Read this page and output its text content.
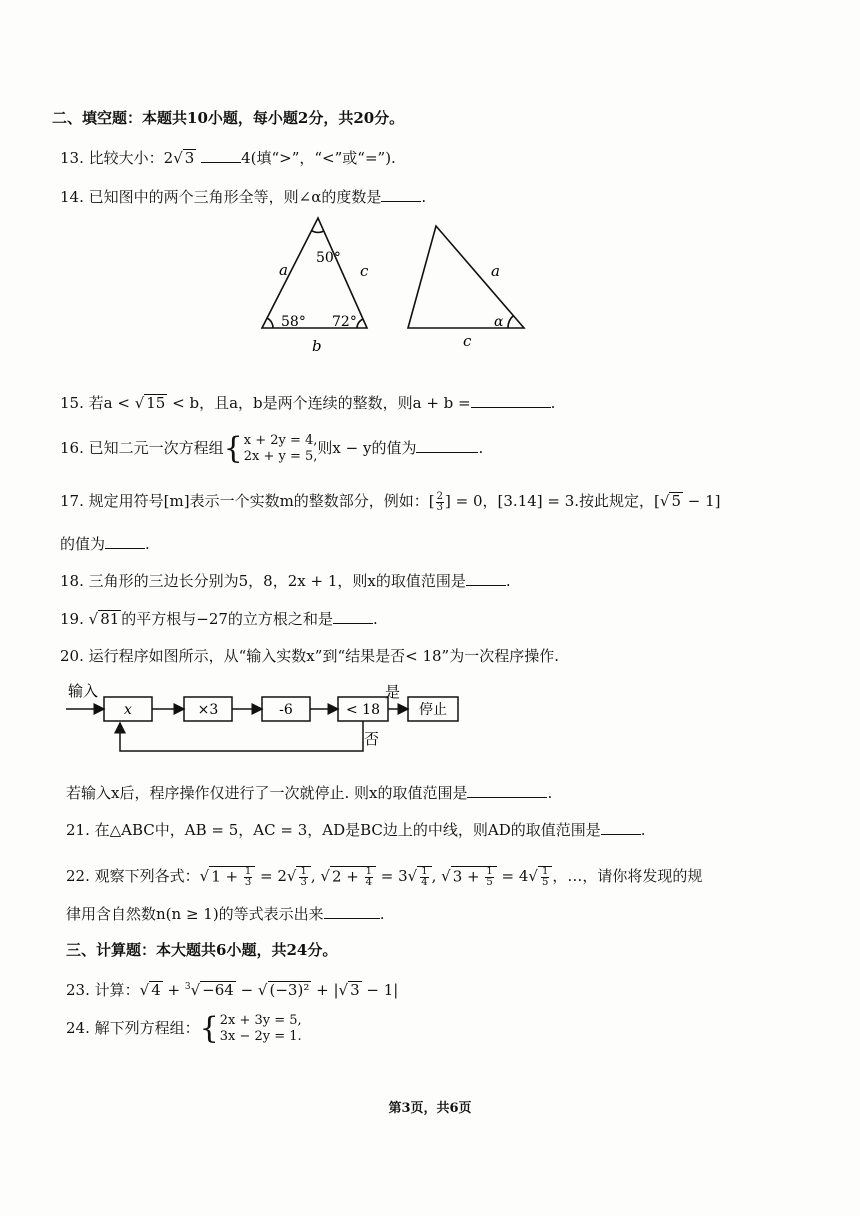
二、填空题：本题共10小题，每小题2分，共20分。
13. 比较大小：2√ 3	4(填“>”，“<”或“=”).
14. 已知图中的两个三角形全等，则∠α的度数是	.
50°
58° 72°
a	c
b
a
c
α
15. 若a < √ 15 < b，且a，b是两个连续的整数，则a + b =	.
16. 已知二元一次方程组{ x + 2y = 4,
2x + y = 5, 则x − y的值为	.
17. 规定用符号[m]表示一个实数m的整数部分，例如：[ $\frac{2}{3}$ ] = 0，[3.14] = 3.按此规定，[√ 5 − 1]
的值为	.
18. 三角形的三边长分别为5，8，2x + 1，则x的取值范围是	.
19. √ 81 的平方根与−27的立方根之和是	.
20. 运行程序如图所示，从“输入实数x”到“结果是否< 18”为一次程序操作.
输入
x	×3	-6	< 18
是
停止
否
若输入x后，程序操作仅进行了一次就停止. 则x的取值范围是	.
21. 在△ABC中，AB = 5，AC = 3，AD是BC边上的中线，则AD的取值范围是	.
22. 观察下列各式：√ $1 + \frac{1}{3} = 2√ \frac{1}{3}$ , √ $2 + \frac{1}{4} = 3√ \frac{1}{4}$ , √ $3 + \frac{1}{5} = 4√ \frac{1}{5}$ ，…，请你将发现的规
律用含自然数n(n ≥ 1)的等式表示出来	.
三、计算题：本大题共6小题，共24分。
23. 计算：√ 4 + $^3$√ −64 − √ (−3)² + |√ 3 − 1|
24. 解下列方程组：{ 2x + 3y = 5,
3x − 2y = 1.
第3页，共6页
